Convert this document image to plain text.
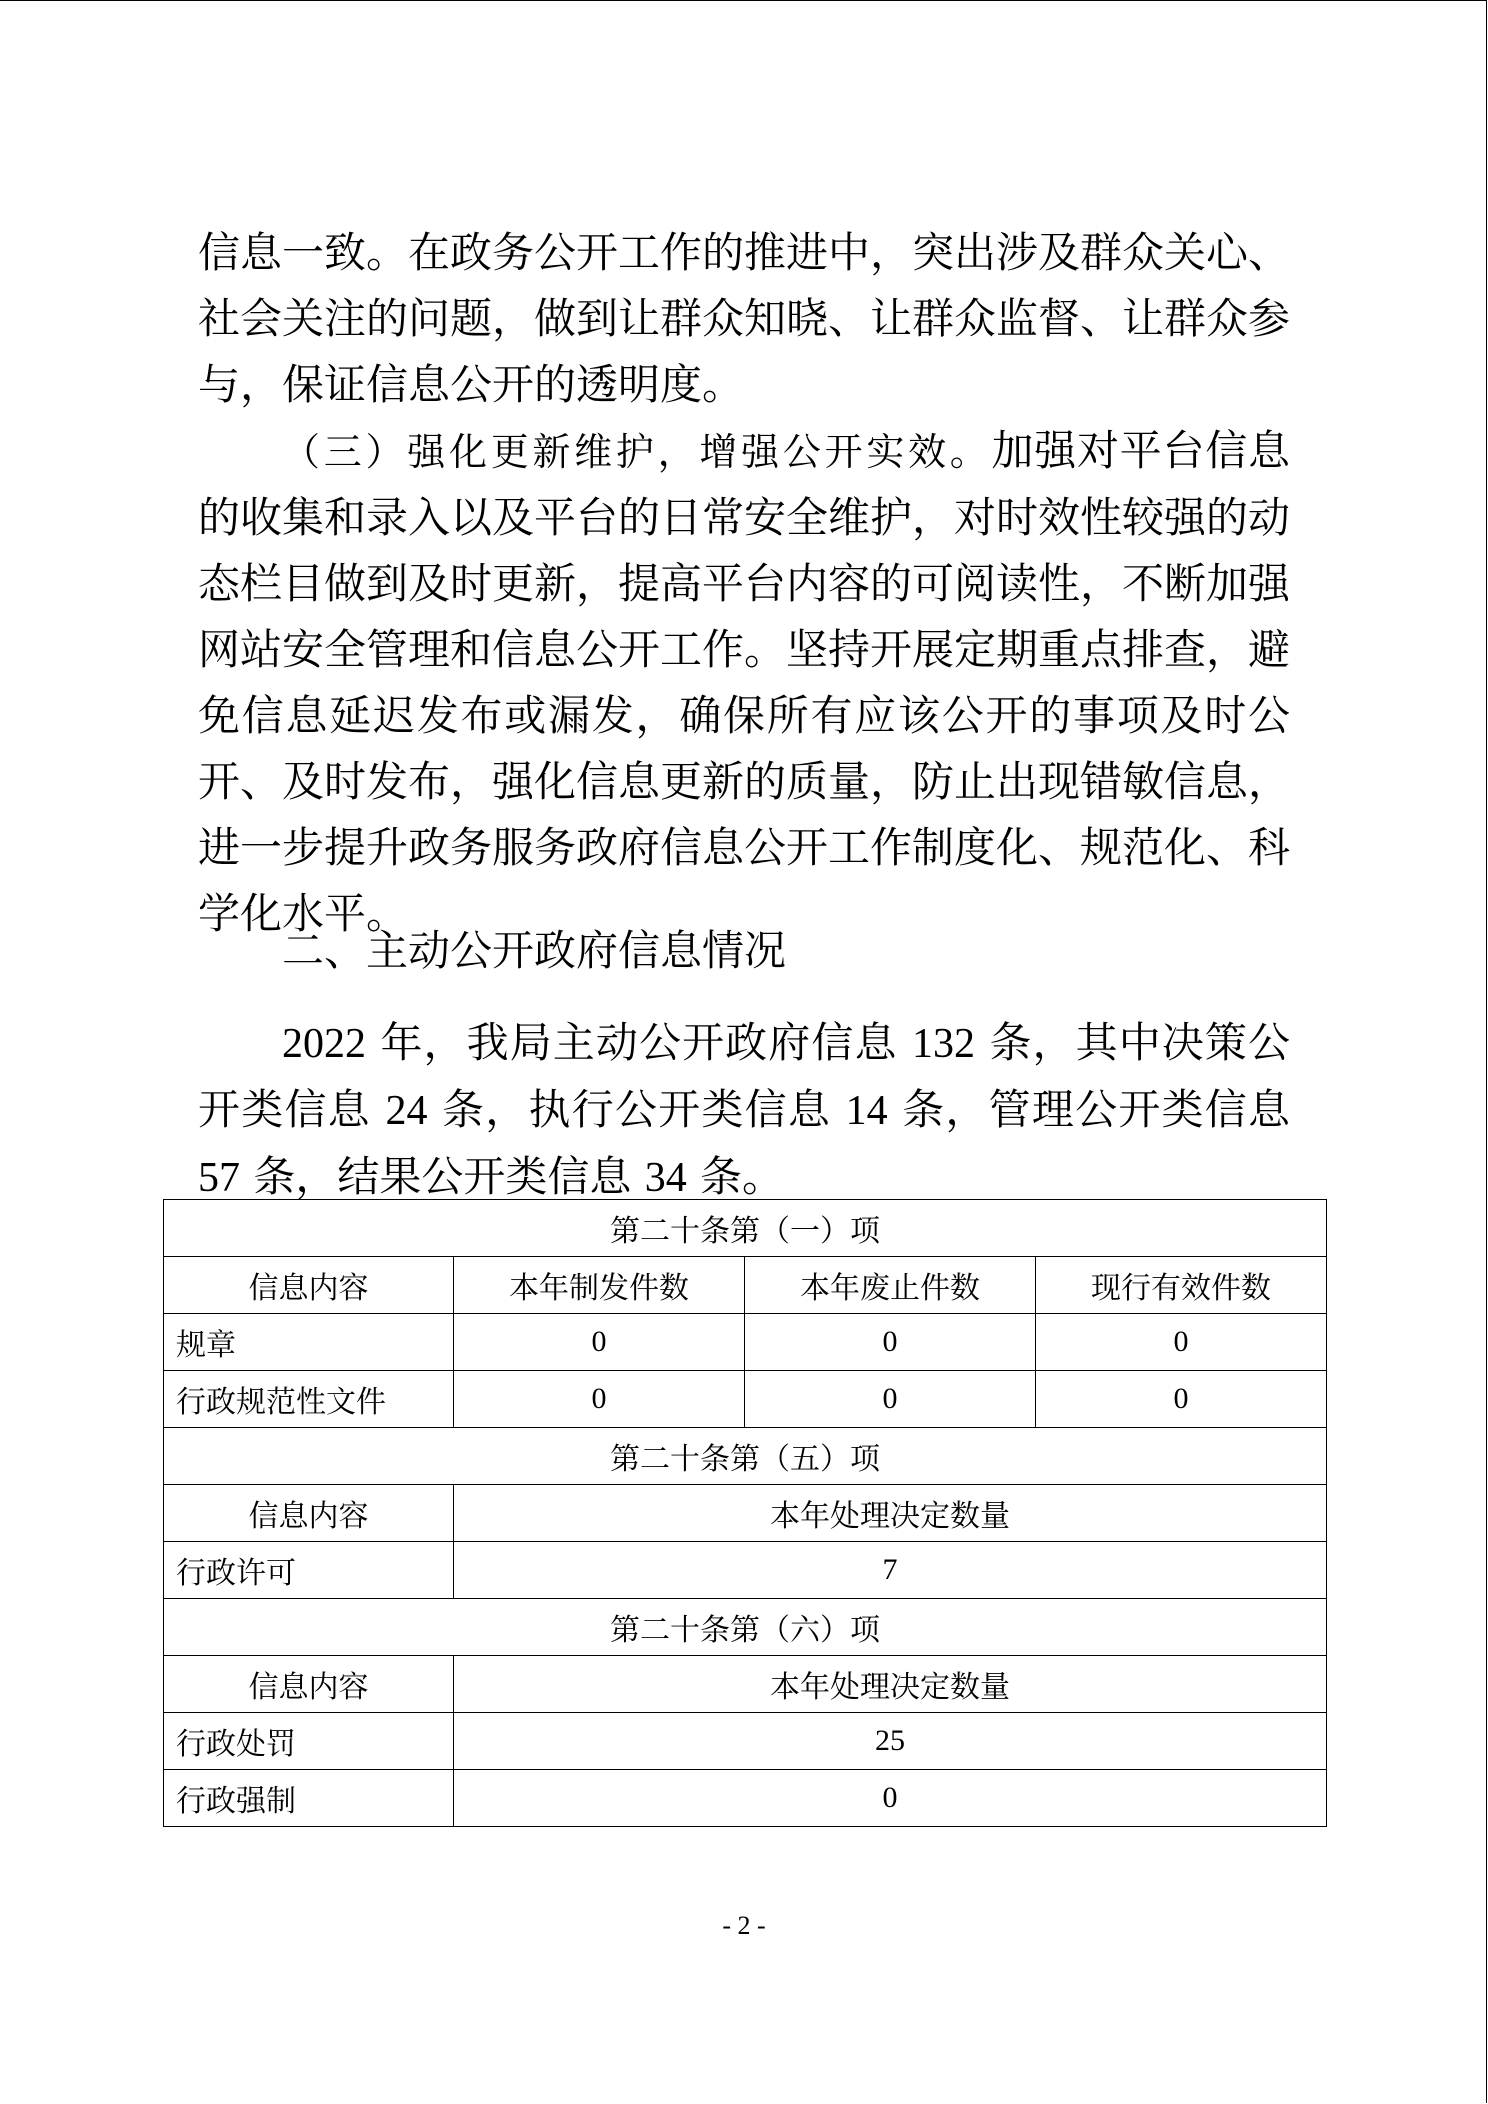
信息一致。在政务公开工作的推进中，突出涉及群众关心、社会关注的问题，做到让群众知晓、让群众监督、让群众参与，保证信息公开的透明度。

（三）强化更新维护，增强公开实效。加强对平台信息的收集和录入以及平台的日常安全维护，对时效性较强的动态栏目做到及时更新，提高平台内容的可阅读性，不断加强网站安全管理和信息公开工作。坚持开展定期重点排查，避免信息延迟发布或漏发，确保所有应该公开的事项及时公开、及时发布，强化信息更新的质量，防止出现错敏信息，进一步提升政务服务政府信息公开工作制度化、规范化、科学化水平。

二、主动公开政府信息情况

2022 年，我局主动公开政府信息 132 条，其中决策公开类信息 24 条，执行公开类信息 14 条，管理公开类信息 57 条，结果公开类信息 34 条。

第二十条第（一）项			
信息内容	本年制发件数	本年废止件数	现行有效件数
规章	0	0	0
行政规范性文件	0	0	0
第二十条第（五）项			
信息内容	本年处理决定数量		
行政许可	7		
第二十条第（六）项			
信息内容	本年处理决定数量		
行政处罚	25		
行政强制	0		
- 2 -
